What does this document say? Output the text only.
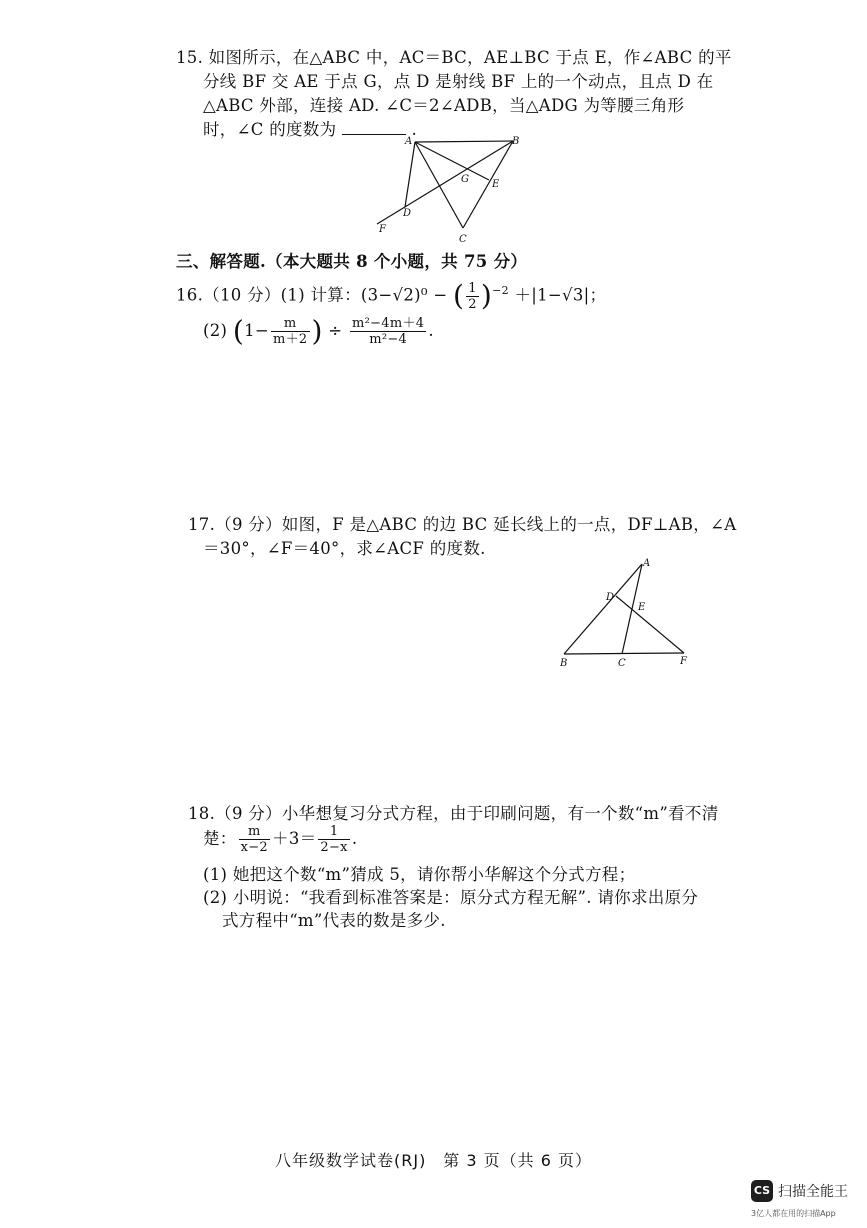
15. 如图所示，在△ABC 中，AC＝BC，AE⊥BC 于点 E，作∠ABC 的平
分线 BF 交 AE 于点 G，点 D 是射线 BF 上的一个动点，且点 D 在
△ABC 外部，连接 AD. ∠C＝2∠ADB，当△ADG 为等腰三角形
时，∠C 的度数为	.
A	B
G E
D
F
C
三、解答题.（本大题共 8 个小题，共 75 分）
16.（10 分）(1) 计算：(3−√2)⁰ − ( $\frac{1}{2} )^{-2} +|1-√3|$；
(2) ($1- \frac{m}{m+2}$ ) ÷ $\frac{\text{m²−4m＋4}}{\text{m²−4}}$ .
17.（9 分）如图，F 是△ABC 的边 BC 延长线上的一点，DF⊥AB，∠A
＝30°，∠F＝40°，求∠ACF 的度数.
A
D
E
B	C	F
18.（9 分）小华想复习分式方程，由于印刷问题，有一个数“m”看不清
楚： $\frac{m}{x-2} +3= \frac{1}{2-x}$ .
(1) 她把这个数“m”猜成 5，请你帮小华解这个分式方程；
(2) 小明说：“我看到标准答案是：原分式方程无解”. 请你求出原分
式方程中“m”代表的数是多少.
八年级数学试卷(RJ)　第 3 页（共 6 页）
CS 扫描全能王
3亿人都在用的扫描App
